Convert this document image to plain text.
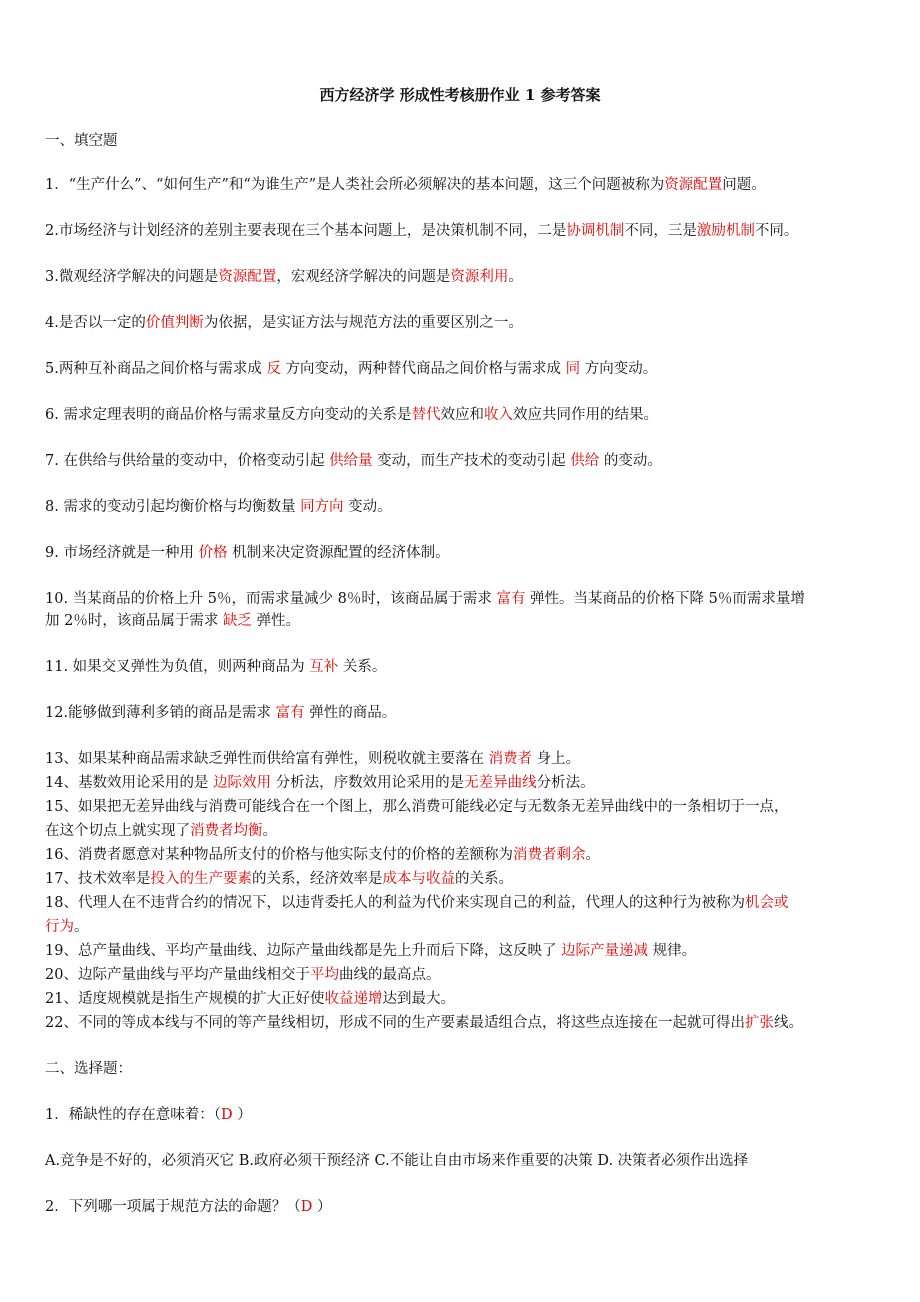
西方经济学 形成性考核册作业 1 参考答案
一、填空题
1．“生产什么”、“如何生产”和“为谁生产”是人类社会所必须解决的基本问题，这三个问题被称为资源配置问题。
2.市场经济与计划经济的差别主要表现在三个基本问题上，是决策机制不同，二是协调机制不同，三是激励机制不同。
3.微观经济学解决的问题是资源配置，宏观经济学解决的问题是资源利用。
4.是否以一定的价值判断为依据，是实证方法与规范方法的重要区别之一。
5.两种互补商品之间价格与需求成 反 方向变动，两种替代商品之间价格与需求成 同 方向变动。
6. 需求定理表明的商品价格与需求量反方向变动的关系是替代效应和收入效应共同作用的结果。
7. 在供给与供给量的变动中，价格变动引起 供给量 变动，而生产技术的变动引起 供给 的变动。
8. 需求的变动引起均衡价格与均衡数量 同方向 变动。
9. 市场经济就是一种用 价格 机制来决定资源配置的经济体制。
10. 当某商品的价格上升 5％，而需求量减少 8％时，该商品属于需求 富有 弹性。当某商品的价格下降 5％而需求量增
加 2％时，该商品属于需求 缺乏 弹性。
11. 如果交叉弹性为负值，则两种商品为 互补 关系。
12.能够做到薄利多销的商品是需求 富有 弹性的商品。
13、如果某种商品需求缺乏弹性而供给富有弹性，则税收就主要落在 消费者 身上。
14、基数效用论采用的是 边际效用 分析法，序数效用论采用的是无差异曲线分析法。
15、如果把无差异曲线与消费可能线合在一个图上，那么消费可能线必定与无数条无差异曲线中的一条相切于一点，
在这个切点上就实现了消费者均衡。
16、消费者愿意对某种物品所支付的价格与他实际支付的价格的差额称为消费者剩余。
17、技术效率是投入的生产要素的关系，经济效率是成本与收益的关系。
18、代理人在不违背合约的情况下，以违背委托人的利益为代价来实现自己的利益，代理人的这种行为被称为机会或
行为。
19、总产量曲线、平均产量曲线、边际产量曲线都是先上升而后下降，这反映了 边际产量递减 规律。
20、边际产量曲线与平均产量曲线相交于平均曲线的最高点。
21、适度规模就是指生产规模的扩大正好使收益递增达到最大。
22、不同的等成本线与不同的等产量线相切，形成不同的生产要素最适组合点，将这些点连接在一起就可得出扩张线。
二、选择题：
1．稀缺性的存在意味着：（D ）
A.竞争是不好的，必须消灭它 B.政府必须干预经济 C.不能让自由市场来作重要的决策 D. 决策者必须作出选择
2．下列哪一项属于规范方法的命题？（D ）
